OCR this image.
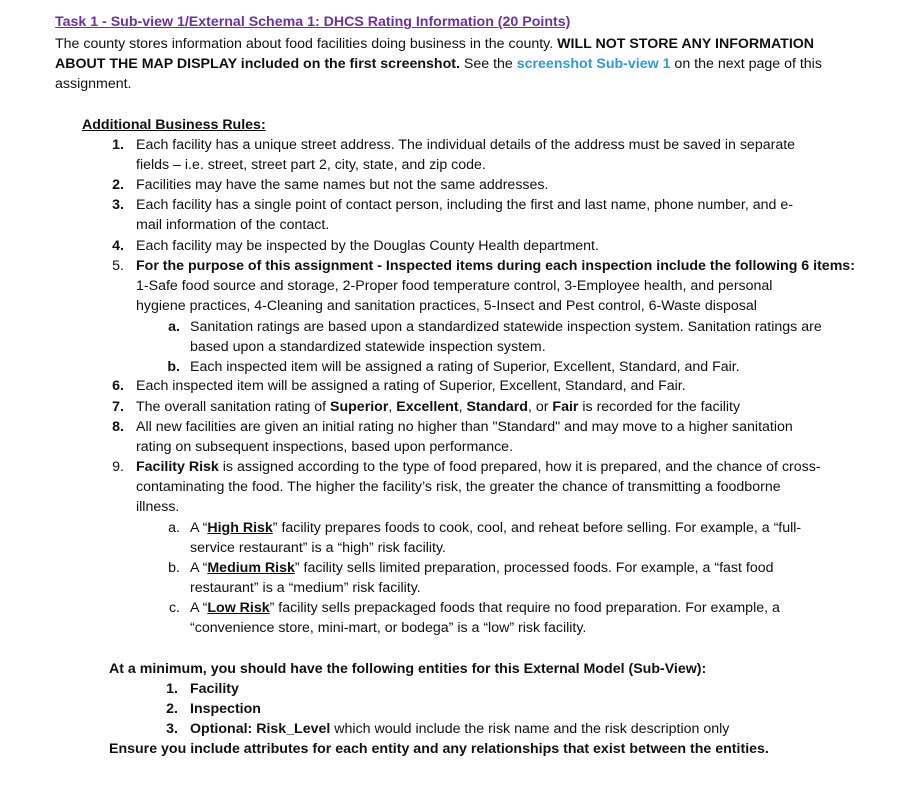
Task 1 - Sub-view 1/External Schema 1: DHCS Rating Information (20 Points)
The county stores information about food facilities doing business in the county. WILL NOT STORE ANY INFORMATION
ABOUT THE MAP DISPLAY included on the first screenshot. See the screenshot Sub-view 1 on the next page of this
assignment.
Additional Business Rules:
1. Each facility has a unique street address. The individual details of the address must be saved in separate
fields – i.e. street, street part 2, city, state, and zip code.
2. Facilities may have the same names but not the same addresses.
3. Each facility has a single point of contact person, including the first and last name, phone number, and e-
mail information of the contact.
4. Each facility may be inspected by the Douglas County Health department.
5. For the purpose of this assignment - Inspected items during each inspection include the following 6 items:
1-Safe food source and storage, 2-Proper food temperature control, 3-Employee health, and personal
hygiene practices, 4-Cleaning and sanitation practices, 5-Insect and Pest control, 6-Waste disposal
a. Sanitation ratings are based upon a standardized statewide inspection system. Sanitation ratings are
based upon a standardized statewide inspection system.
b. Each inspected item will be assigned a rating of Superior, Excellent, Standard, and Fair.
6. Each inspected item will be assigned a rating of Superior, Excellent, Standard, and Fair.
7. The overall sanitation rating of Superior, Excellent, Standard, or Fair is recorded for the facility
8. All new facilities are given an initial rating no higher than "Standard" and may move to a higher sanitation
rating on subsequent inspections, based upon performance.
9. Facility Risk is assigned according to the type of food prepared, how it is prepared, and the chance of cross-
contaminating the food. The higher the facility’s risk, the greater the chance of transmitting a foodborne
illness.
a. A “High Risk” facility prepares foods to cook, cool, and reheat before selling. For example, a “full-
service restaurant” is a “high” risk facility.
b. A “Medium Risk” facility sells limited preparation, processed foods. For example, a “fast food
restaurant” is a “medium” risk facility.
c. A “Low Risk” facility sells prepackaged foods that require no food preparation. For example, a
“convenience store, mini-mart, or bodega” is a “low” risk facility.
At a minimum, you should have the following entities for this External Model (Sub-View):
1. Facility
2. Inspection
3. Optional: Risk_Level which would include the risk name and the risk description only
Ensure you include attributes for each entity and any relationships that exist between the entities.
